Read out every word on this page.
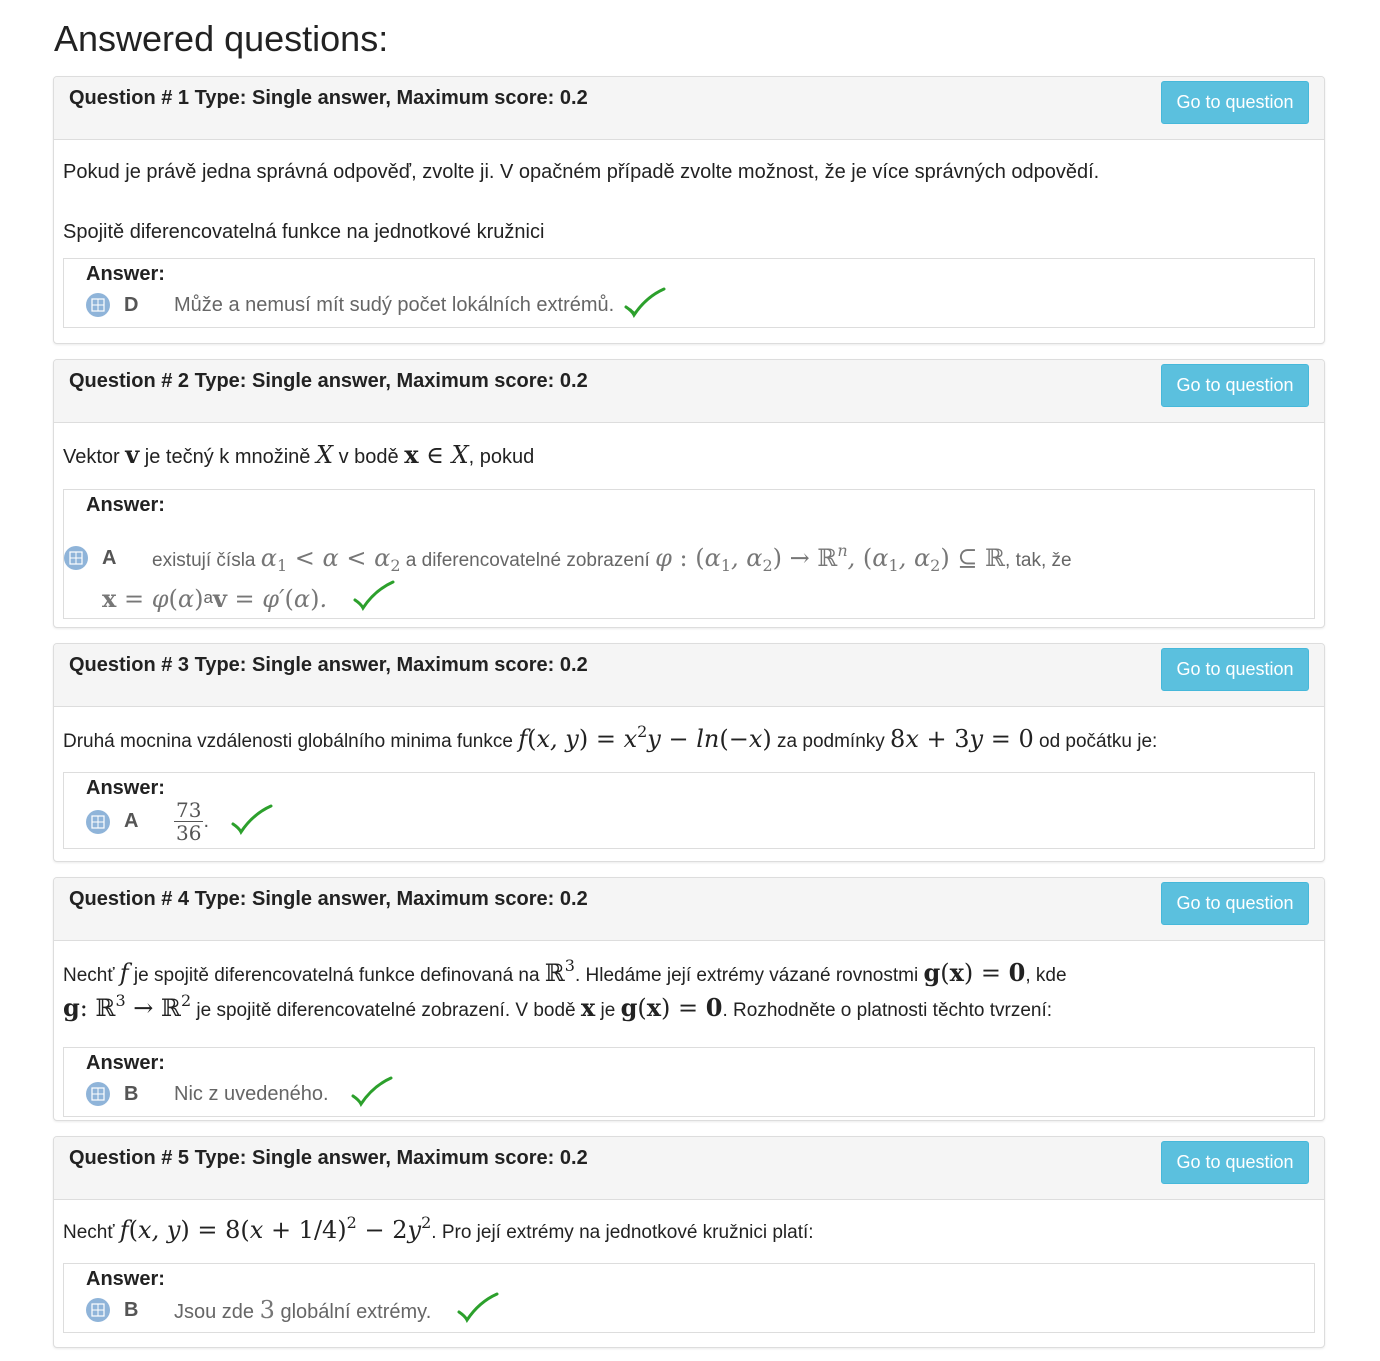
Answered questions:
Question # 1 Type: Single answer, Maximum score: 0.2	Go to question
Pokud je právě jedna správná odpověď, zvolte ji. V opačném případě zvolte možnost, že je více správných odpovědí.
Spojitě diferencovatelná funkce na jednotkové kružnici
Answer:
D	Může a nemusí mít sudý počet lokálních extrémů.
Question # 2 Type: Single answer, Maximum score: 0.2	Go to question
Vektor v je tečný k množině X v bodě x ∈ X, pokud
Answer:
A	existují čísla $\alpha_1 < \alpha < \alpha_2$ a diferencovatelné zobrazení φ : ($\alpha_1$, $\alpha_2$) → ℝ$^n$, ($\alpha_1$, $\alpha_2$) ⊆ ℝ, tak, že
x = φ(α) a v = φ′(α).
Question # 3 Type: Single answer, Maximum score: 0.2	Go to question
Druhá mocnina vzdálenosti globálního minima funkce f(x, $y) = x^2y - \ln(-x)$ za podmínky 8x + 3y = 0 od počátku je:
Answer:
A	$\frac{73}{36}$ .
Question # 4 Type: Single answer, Maximum score: 0.2	Go to question
Nechť f je spojitě diferencovatelná funkce definovaná na ℝ$^3$. Hledáme její extrémy vázané rovnostmi g(x) = 0, kde
g: ℝ$^3$ → ℝ$^2$ je spojitě diferencovatelné zobrazení. V bodě x je g(x) = 0. Rozhodněte o platnosti těchto tvrzení:
Answer:
B	Nic z uvedeného.
Question # 5 Type: Single answer, Maximum score: 0.2	Go to question
Nechť f(x, $y) = 8(x + 1/4)^2 - 2y^2$. Pro její extrémy na jednotkové kružnici platí:
Answer:
B	Jsou zde 3 globální extrémy.
